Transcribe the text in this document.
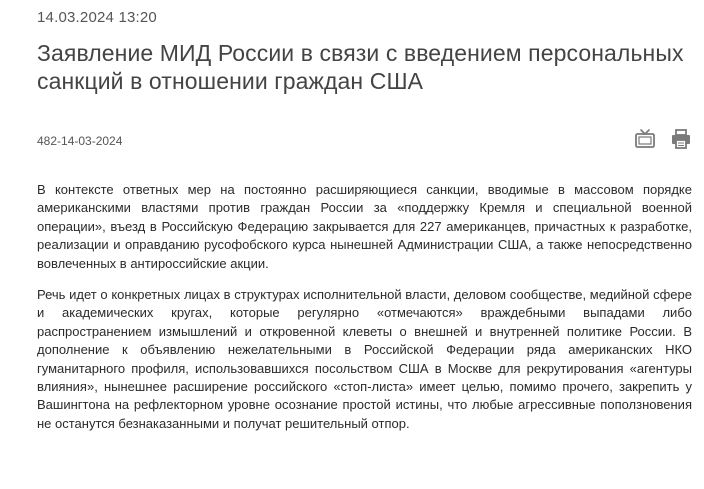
14.03.2024 13:20
Заявление МИД России в связи с введением персональных санкций в отношении граждан США
482-14-03-2024

В контексте ответных мер на постоянно расширяющиеся санкции, вводимые в массовом порядке американскими властями против граждан России за «поддержку Кремля и специальной военной операции», въезд в Российскую Федерацию закрывается для 227 американцев, причастных к разработке, реализации и оправданию русофобского курса нынешней Администрации США, а также непосредственно вовлеченных в антироссийские акции.

Речь идет о конкретных лицах в структурах исполнительной власти, деловом сообществе, медийной сфере и академических кругах, которые регулярно «отмечаются» враждебными выпадами либо распространением измышлений и откровенной клеветы о внешней и внутренней политике России. В дополнение к объявлению нежелательными в Российской Федерации ряда американских НКО гуманитарного профиля, использовавшихся посольством США в Москве для рекрутирования «агентуры влияния», нынешнее расширение российского «стоп-листа» имеет целью, помимо прочего, закрепить у Вашингтона на рефлекторном уровне осознание простой истины, что любые агрессивные поползновения не останутся безнаказанными и получат решительный отпор.
